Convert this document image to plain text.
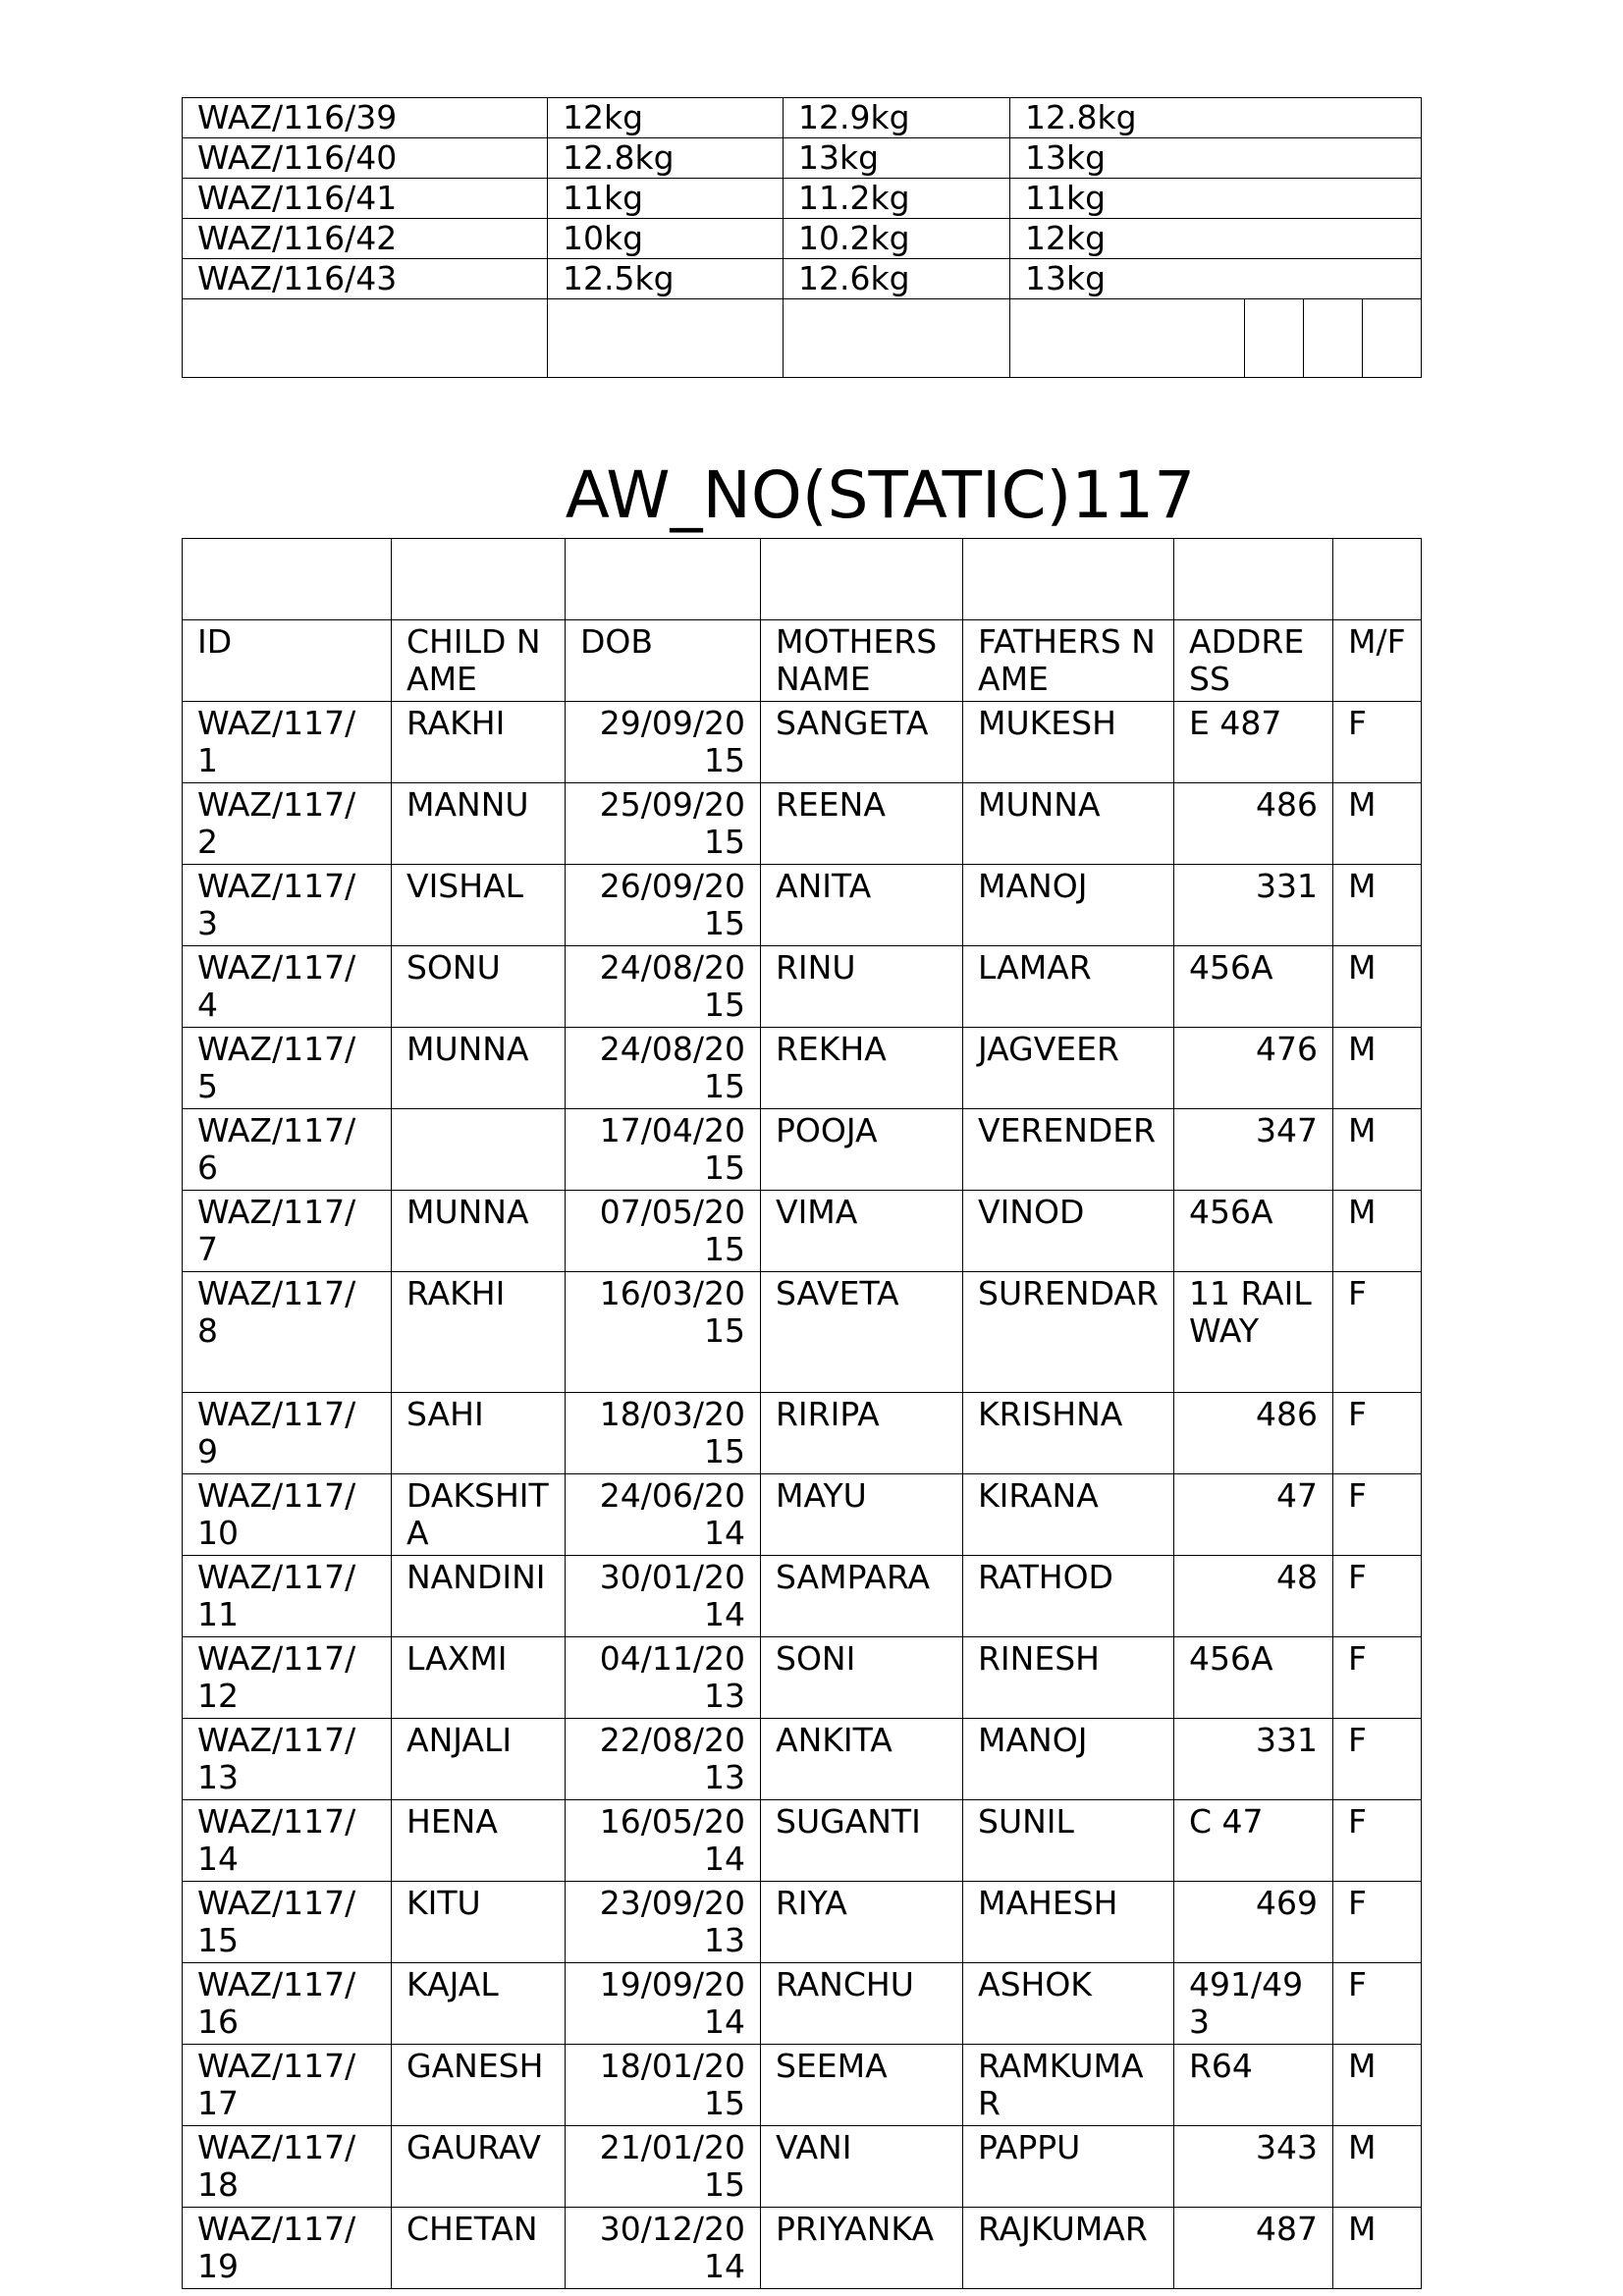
WAZ/116/39	12kg	12.9kg	12.8kg			
WAZ/116/40	12.8kg	13kg	13kg			
WAZ/116/41	11kg	11.2kg	11kg			
WAZ/116/42	10kg	10.2kg	12kg			
WAZ/116/43	12.5kg	12.6kg	13kg			

AW_NO(STATIC)117

ID	CHILD NAME	DOB	MOTHERS NAME	FATHERS NAME	ADDRESS	M/F
WAZ/117/1	RAKHI	29/09/2015	SANGETA	MUKESH	E 487	F
WAZ/117/2	MANNU	25/09/2015	REENA	MUNNA	486	M
WAZ/117/3	VISHAL	26/09/2015	ANITA	MANOJ	331	M
WAZ/117/4	SONU	24/08/2015	RINU	LAMAR	456A	M
WAZ/117/5	MUNNA	24/08/2015	REKHA	JAGVEER	476	M
WAZ/117/6		17/04/2015	POOJA	VERENDER	347	M
WAZ/117/7	MUNNA	07/05/2015	VIMA	VINOD	456A	M
WAZ/117/8	RAKHI	16/03/2015	SAVETA	SURENDAR	11 RAILWAY	F
WAZ/117/9	SAHI	18/03/2015	RIRIPA	KRISHNA	486	F
WAZ/117/10	DAKSHITA	24/06/2014	MAYU	KIRANA	47	F
WAZ/117/11	NANDINI	30/01/2014	SAMPARA	RATHOD	48	F
WAZ/117/12	LAXMI	04/11/2013	SONI	RINESH	456A	F
WAZ/117/13	ANJALI	22/08/2013	ANKITA	MANOJ	331	F
WAZ/117/14	HENA	16/05/2014	SUGANTI	SUNIL	C 47	F
WAZ/117/15	KITU	23/09/2013	RIYA	MAHESH	469	F
WAZ/117/16	KAJAL	19/09/2014	RANCHU	ASHOK	491/493	F
WAZ/117/17	GANESH	18/01/2015	SEEMA	RAMKUMAR	R64	M
WAZ/117/18	GAURAV	21/01/2015	VANI	PAPPU	343	M
WAZ/117/19	CHETAN	30/12/2014	PRIYANKA	RAJKUMAR	487	M
